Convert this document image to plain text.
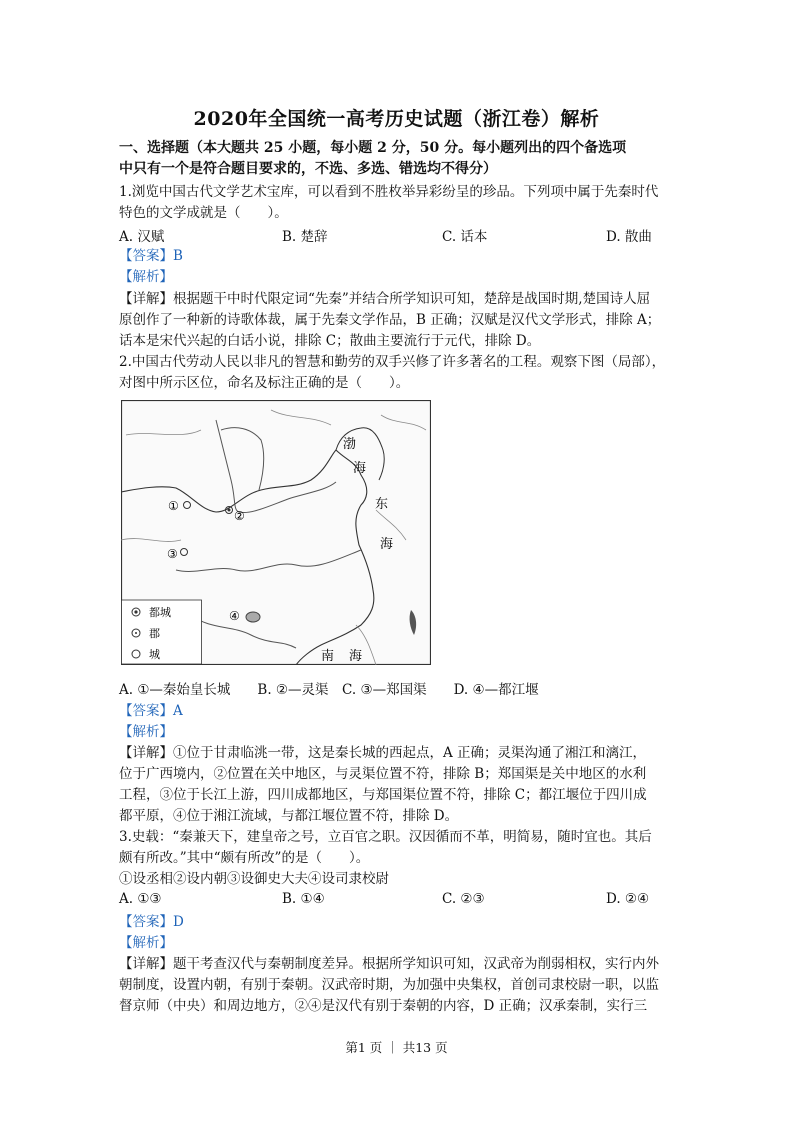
2020年全国统一高考历史试题（浙江卷）解析
一、选择题（本大题共 25 小题，每小题 2 分，50 分。每小题列出的四个备选项
中只有一个是符合题目要求的，不选、多选、错选均不得分）
1.浏览中国古代文学艺术宝库，可以看到不胜枚举异彩纷呈的珍品。下列项中属于先秦时代
特色的文学成就是（　　）。
A. 汉赋	B. 楚辞	C. 话本	D. 散曲
【答案】B
【解析】
【详解】根据题干中时代限定词“先秦”并结合所学知识可知，楚辞是战国时期,楚国诗人屈
原创作了一种新的诗歌体裁，属于先秦文学作品，B 正确；汉赋是汉代文学形式，排除 A；
话本是宋代兴起的白话小说，排除 C；散曲主要流行于元代，排除 D。
2.中国古代劳动人民以非凡的智慧和勤劳的双手兴修了许多著名的工程。观察下图（局部），
对图中所示区位，命名及标注正确的是（　　）。
渤
海
东
海
南 海
①
②
③
④
都城
郡
城
A. ①—秦始皇长城　　B. ②—灵渠　C. ③—郑国渠　　D. ④—都江堰
【答案】A
【解析】
【详解】①位于甘肃临洮一带，这是秦长城的西起点，A 正确；灵渠沟通了湘江和漓江，
位于广西境内，②位置在关中地区，与灵渠位置不符，排除 B；郑国渠是关中地区的水利
工程，③位于长江上游，四川成都地区，与郑国渠位置不符，排除 C；都江堰位于四川成
都平原，④位于湘江流域，与都江堰位置不符，排除 D。
3.史载：“秦兼天下，建皇帝之号，立百官之职。汉因循而不革，明简易，随时宜也。其后
颇有所改。”其中“颇有所改”的是（　　）。
①设丞相②设内朝③设御史大夫④设司隶校尉
A. ①③	B. ①④	C. ②③	D. ②④
【答案】D
【解析】
【详解】题干考查汉代与秦朝制度差异。根据所学知识可知，汉武帝为削弱相权，实行内外
朝制度，设置内朝，有别于秦朝。汉武帝时期，为加强中央集权，首创司隶校尉一职，以监
督京师（中央）和周边地方，②④是汉代有别于秦朝的内容，D 正确；汉承秦制，实行三
第1 页 ｜ 共13 页
